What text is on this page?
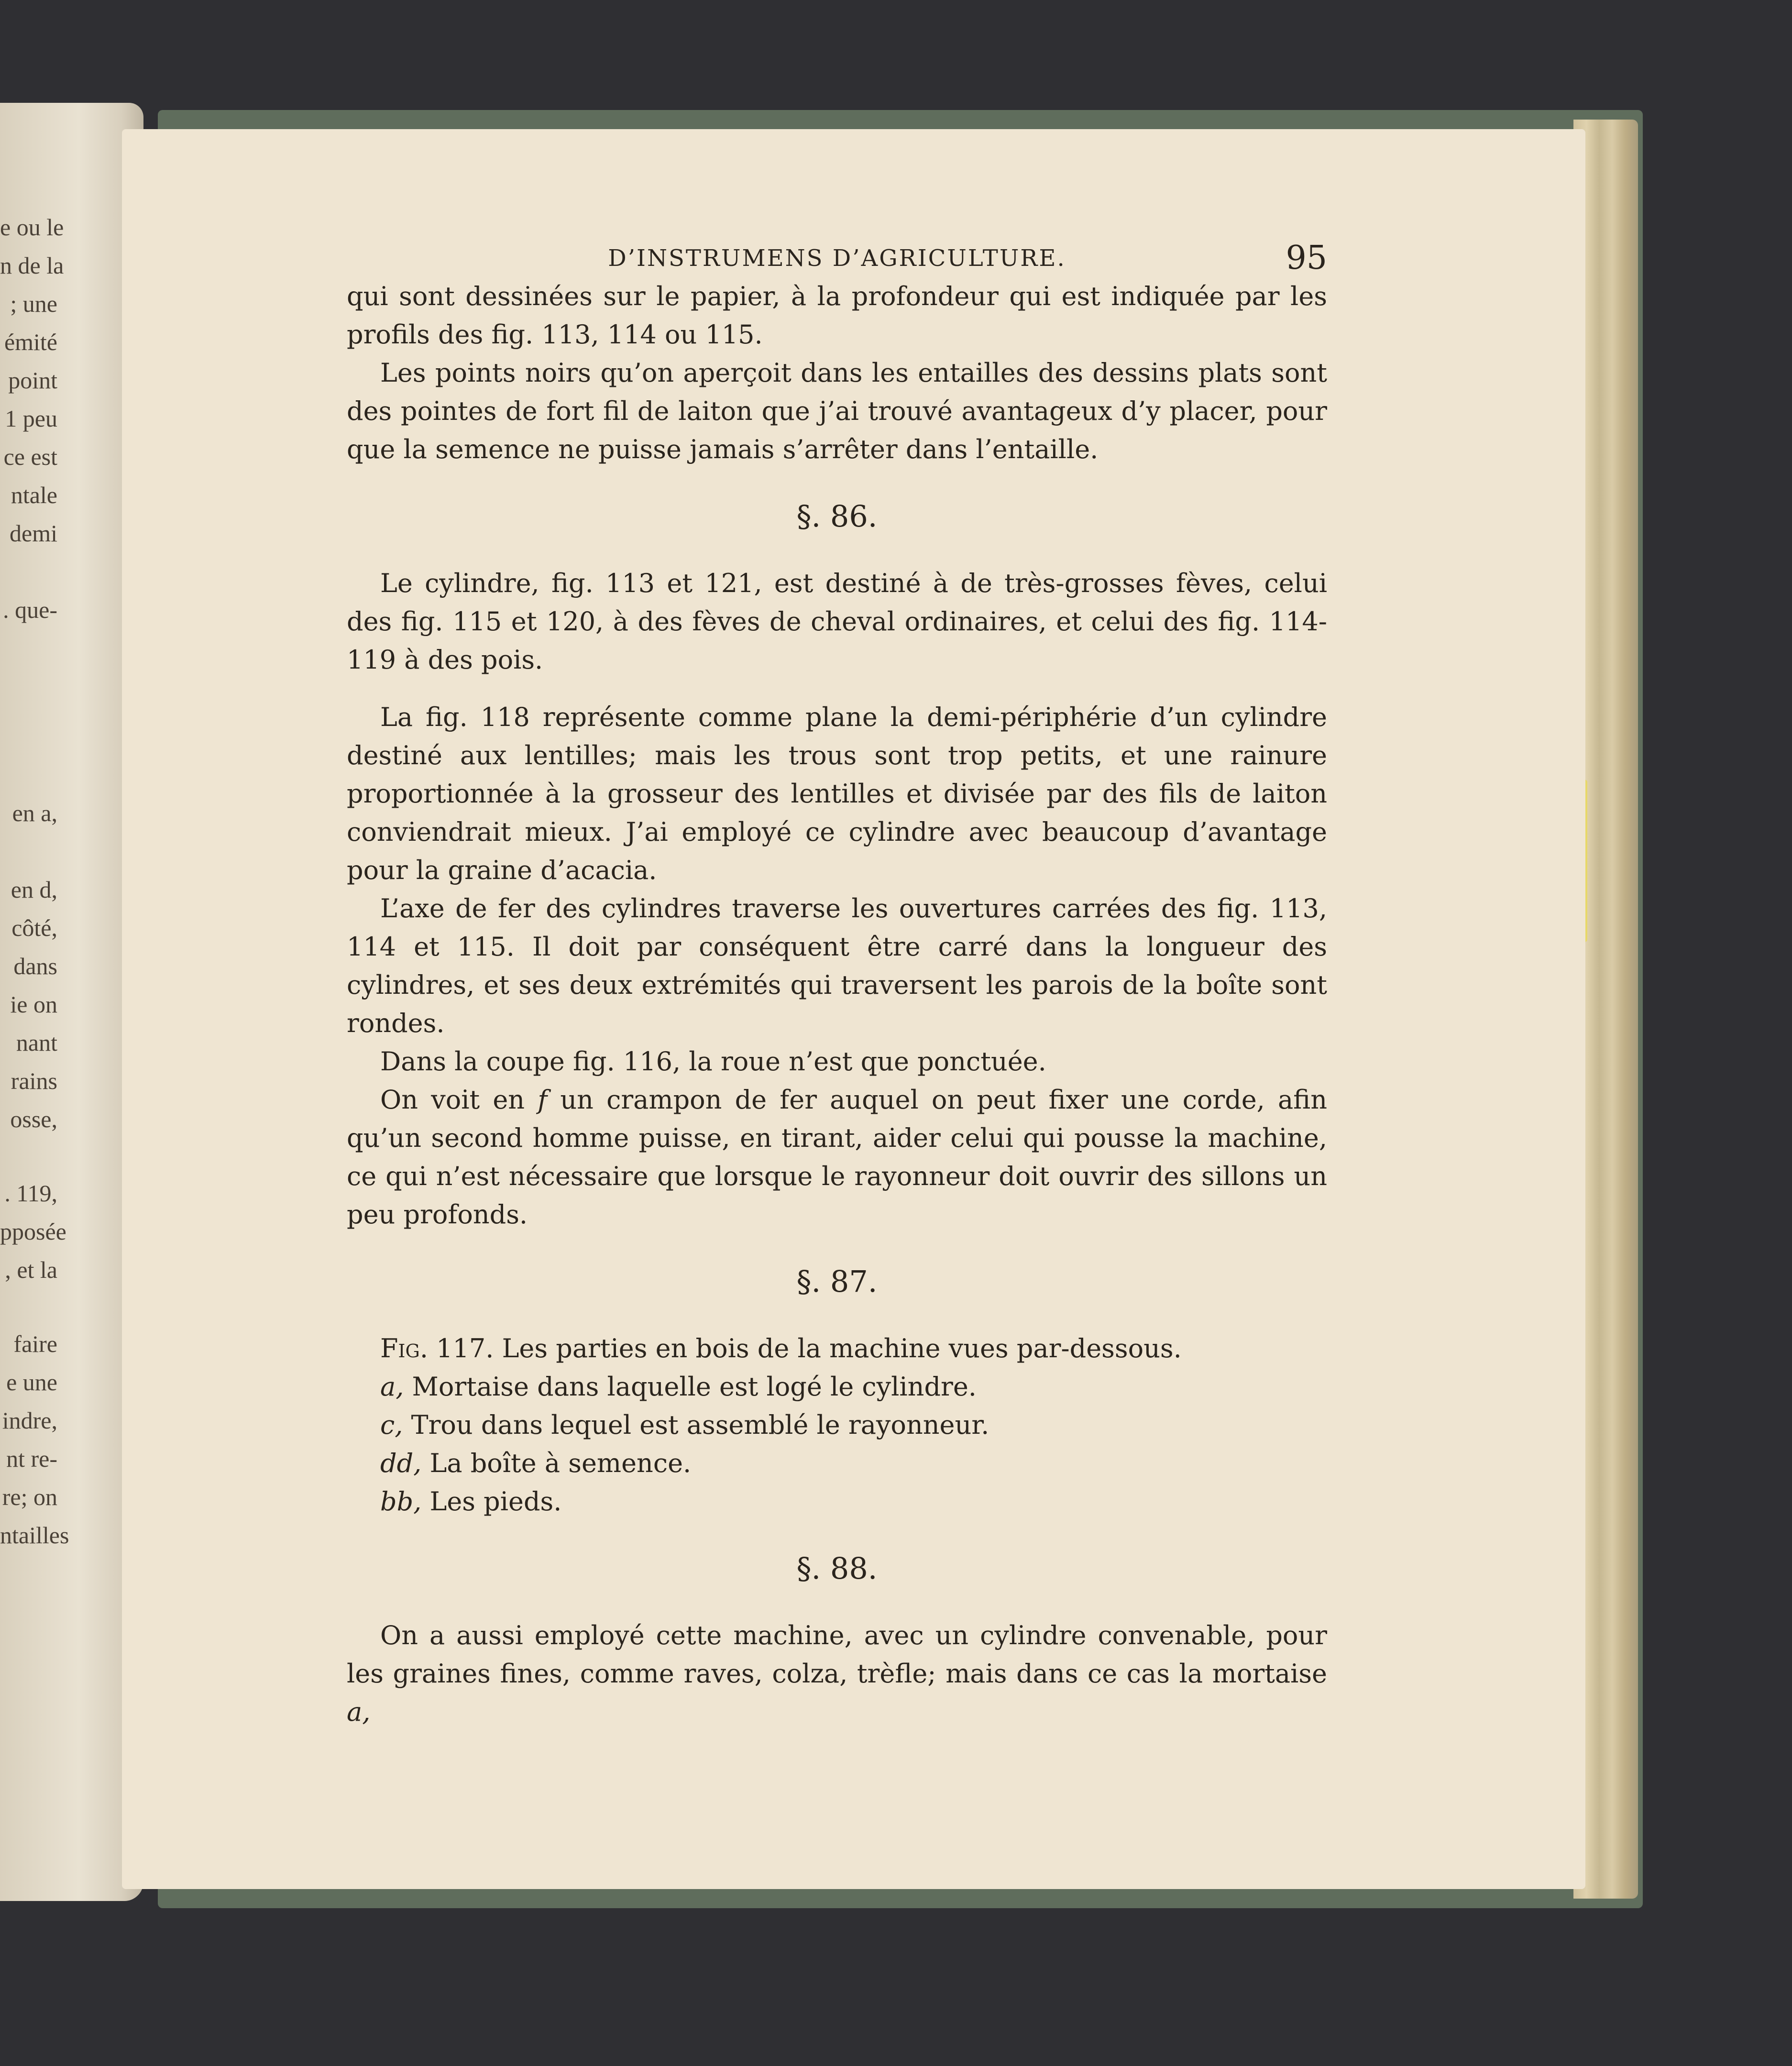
e ou le
n de la
; une
émité
point
1 peu
ce est
ntale
demi
. que-
en a,
en d,
côté,
dans
ie on
nant
rains
osse,
. 119,
pposée
, et la
faire
e une
indre,
nt re-
re; on
ntailles
D’INSTRUMENS D’AGRICULTURE.	95

qui sont dessinées sur le papier, à la profondeur qui est indiquée par les profils des fig. 113, 114 ou 115.

Les points noirs qu’on aperçoit dans les entailles des dessins plats sont des pointes de fort fil de laiton que j’ai trouvé avantageux d’y placer, pour que la semence ne puisse jamais s’arrêter dans l’entaille.

§. 86.

Le cylindre, fig. 113 et 121, est destiné à de très-grosses fèves, celui des fig. 115 et 120, à des fèves de cheval ordinaires, et celui des fig. 114-119 à des pois.

La fig. 118 représente comme plane la demi-périphérie d’un cylindre destiné aux lentilles; mais les trous sont trop petits, et une rainure proportionnée à la grosseur des lentilles et divisée par des fils de laiton conviendrait mieux. J’ai employé ce cylindre avec beaucoup d’avantage pour la graine d’acacia.

L’axe de fer des cylindres traverse les ouvertures carrées des fig. 113, 114 et 115. Il doit par conséquent être carré dans la longueur des cylindres, et ses deux extrémités qui traversent les parois de la boîte sont rondes.

Dans la coupe fig. 116, la roue n’est que ponctuée.

On voit en f un crampon de fer auquel on peut fixer une corde, afin qu’un second homme puisse, en tirant, aider celui qui pousse la machine, ce qui n’est nécessaire que lorsque le rayonneur doit ouvrir des sillons un peu profonds.

§. 87.

Fig. 117. Les parties en bois de la machine vues par-dessous.

a, Mortaise dans laquelle est logé le cylindre.
c, Trou dans lequel est assemblé le rayonneur.
dd, La boîte à semence.
bb, Les pieds.
§. 88.

On a aussi employé cette machine, avec un cylindre convenable, pour les graines fines, comme raves, colza, trèfle; mais dans ce cas la mortaise a,
